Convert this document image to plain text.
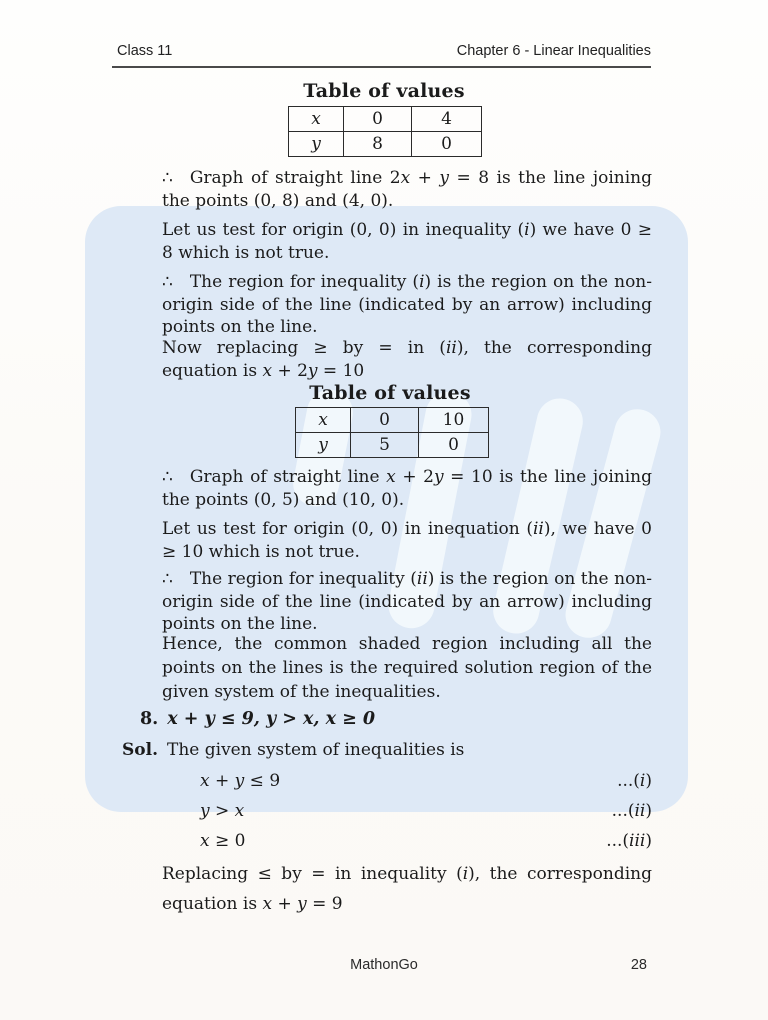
Class 11	Chapter 6 - Linear Inequalities
Table of values
x	0	4
y	8	0
∴ Graph of straight line 2x + y = 8 is the line joining the points (0, 8) and (4, 0).
Let us test for origin (0, 0) in inequality (i) we have 0 ≥ 8 which is not true.
∴ The region for inequality (i) is the region on the non-origin side of the line (indicated by an arrow) including points on the line.
Now replacing ≥ by = in (ii), the corresponding equation is x + 2y = 10
Table of values
x	0	10
y	5	0
∴ Graph of straight line x + 2y = 10 is the line joining the points (0, 5) and (10, 0).
Let us test for origin (0, 0) in inequation (ii), we have 0 ≥ 10 which is not true.
∴ The region for inequality (ii) is the region on the non-origin side of the line (indicated by an arrow) including points on the line.
Hence, the common shaded region including all the points on the lines is the required solution region of the given system of the inequalities.
8. x + y ≤ 9, y > x, x ≥ 0
Sol. The given system of inequalities is
x + y ≤ 9	...(i)
y > x	...(ii)
x ≥ 0	...(iii)
Replacing ≤ by = in inequality (i), the corresponding equation is x + y = 9
MathonGo	28
